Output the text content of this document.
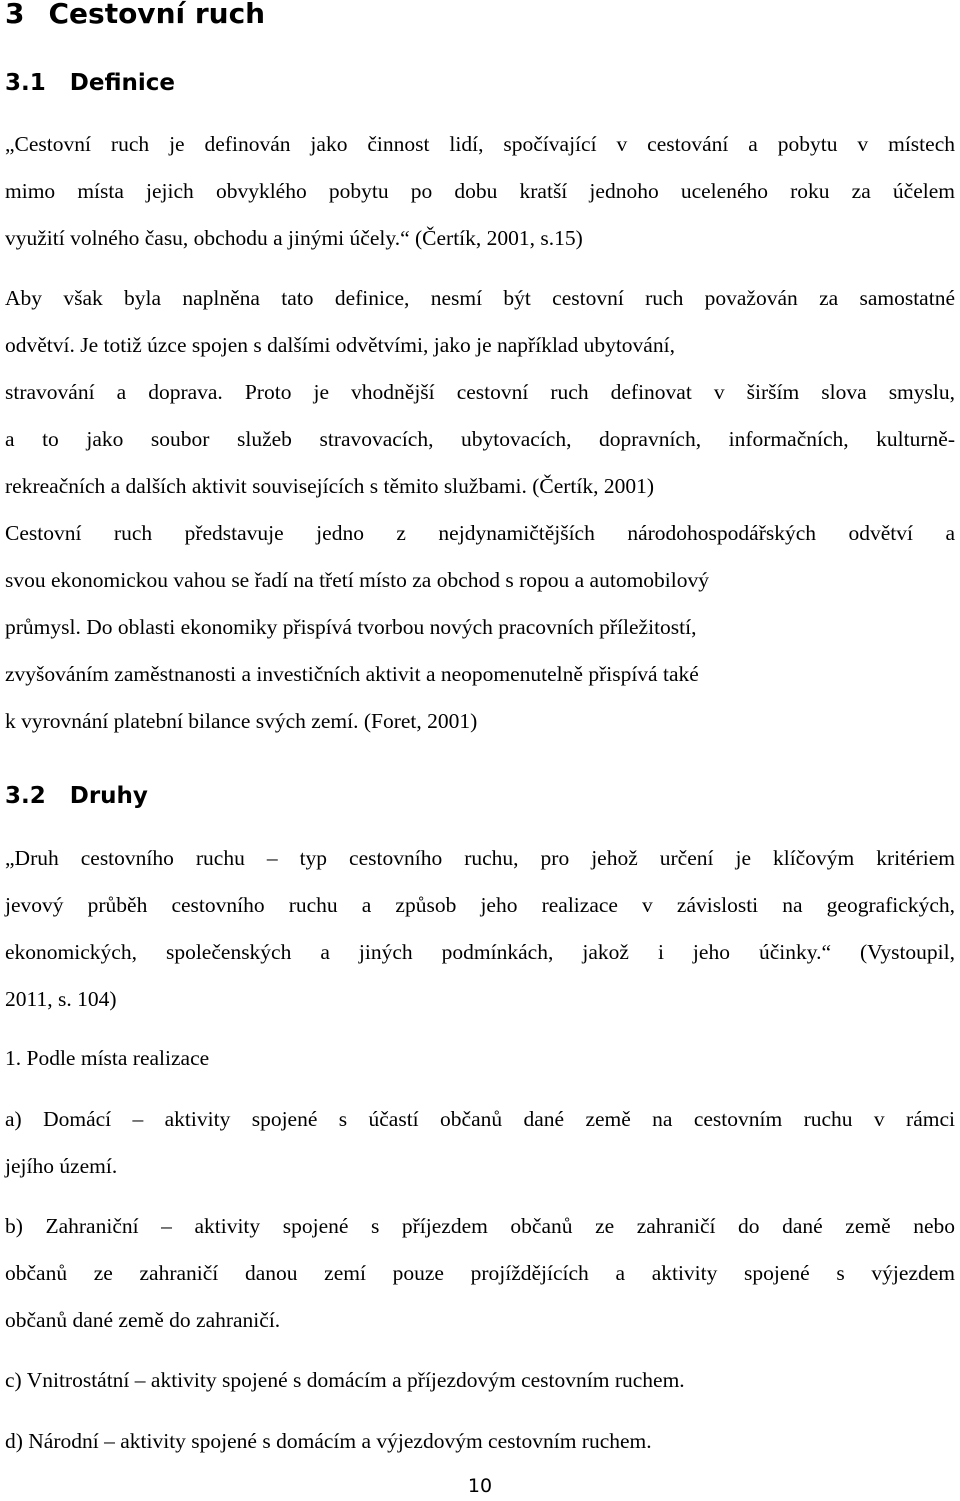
3 Cestovní ruch
3.1 Definice
„Cestovní ruch je definován jako činnost lidí, spočívající v cestování a pobytu v místech
mimo místa jejich obvyklého pobytu po dobu kratší jednoho uceleného roku za účelem
využití volného času, obchodu a jinými účely.“ (Čertík, 2001, s.15)
Aby však byla naplněna tato definice, nesmí být cestovní ruch považován za samostatné
odvětví. Je totiž úzce spojen s dalšími odvětvími, jako je například ubytování,
stravování a doprava. Proto je vhodnější cestovní ruch definovat v širším slova smyslu,
a to jako soubor služeb stravovacích, ubytovacích, dopravních, informačních, kulturně-
rekreačních a dalších aktivit souvisejících s těmito službami. (Čertík, 2001)
Cestovní ruch představuje jedno z nejdynamičtějších národohospodářských odvětví a
svou ekonomickou vahou se řadí na třetí místo za obchod s ropou a automobilový
průmysl. Do oblasti ekonomiky přispívá tvorbou nových pracovních příležitostí,
zvyšováním zaměstnanosti a investičních aktivit a neopomenutelně přispívá také
k vyrovnání platební bilance svých zemí. (Foret, 2001)
3.2 Druhy
„Druh cestovního ruchu – typ cestovního ruchu, pro jehož určení je klíčovým kritériem
jevový průběh cestovního ruchu a způsob jeho realizace v závislosti na geografických,
ekonomických, společenských a jiných podmínkách, jakož i jeho účinky.“ (Vystoupil,
2011, s. 104)
1. Podle místa realizace
a) Domácí – aktivity spojené s účastí občanů dané země na cestovním ruchu v rámci
jejího území.
b) Zahraniční – aktivity spojené s příjezdem občanů ze zahraničí do dané země nebo
občanů ze zahraničí danou zemí pouze projíždějících a aktivity spojené s výjezdem
občanů dané země do zahraničí.
c) Vnitrostátní – aktivity spojené s domácím a příjezdovým cestovním ruchem.
d) Národní – aktivity spojené s domácím a výjezdovým cestovním ruchem.
10
